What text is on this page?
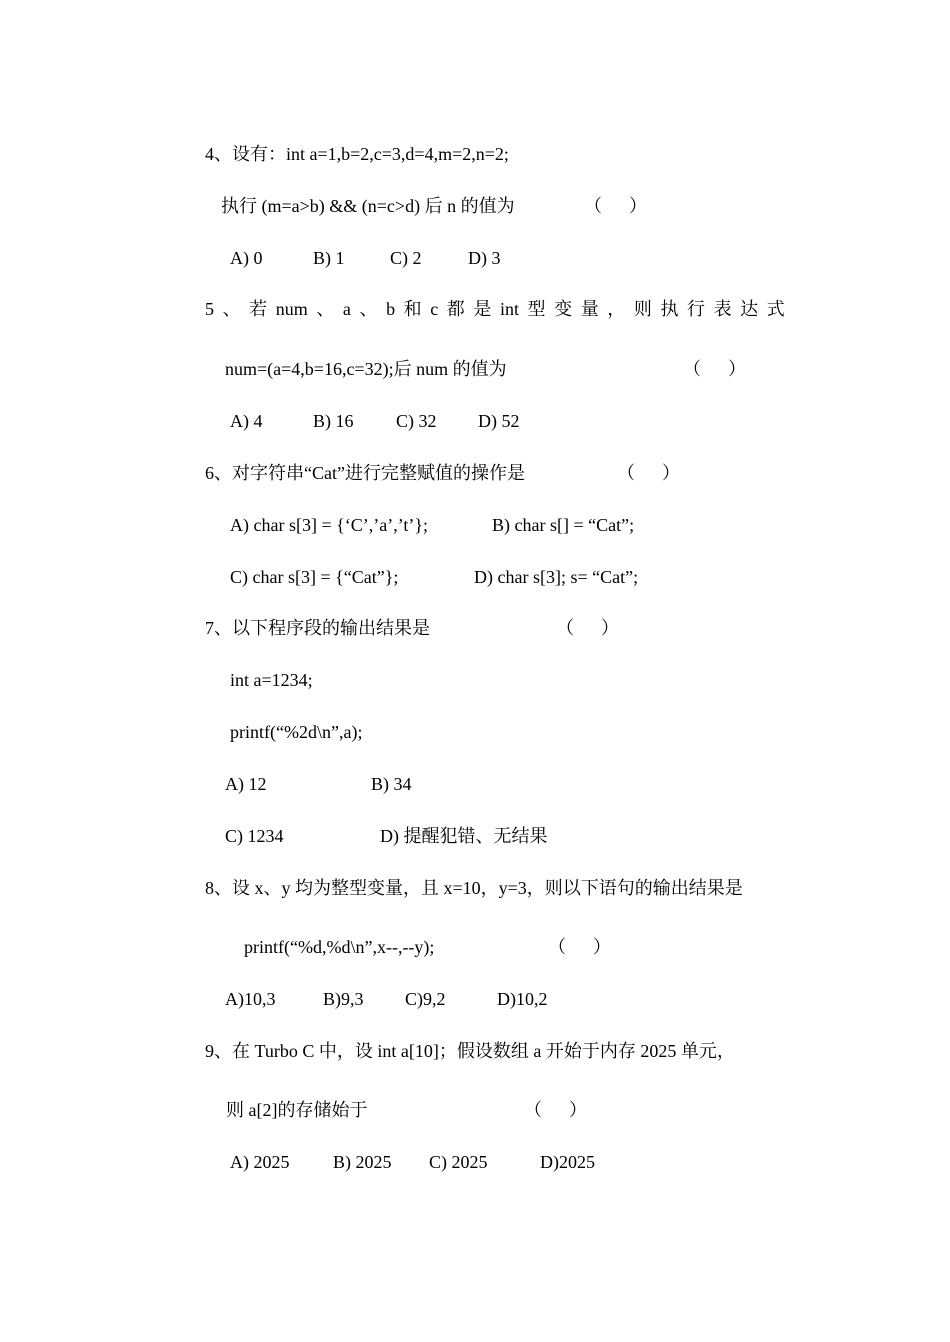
4、设有：int a=1,b=2,c=3,d=4,m=2,n=2;
执行 (m=a>b) && (n=c>d) 后 n 的值为	（      ）
A) 0	B) 1	C) 2	D) 3
5 、 若 num 、 a 、 b 和 c 都 是 int 型 变 量 ， 则 执 行 表 达 式
num=(a=4,b=16,c=32);后 num 的值为	（      ）
A) 4	B) 16 C) 32 D) 52
6、对字符串“Cat”进行完整赋值的操作是	（      ）
A) char s[3] = {‘C’,’a’,’t’};	B) char s[] = “Cat”;
C) char s[3] = {“Cat”};	D) char s[3]; s= “Cat”;
7、以下程序段的输出结果是	（      ）
int a=1234;
printf(“%2d\n”,a);
A) 12	B) 34
C) 1234	D) 提醒犯错、无结果
8、设 x、y 均为整型变量，且 x=10，y=3，则以下语句的输出结果是
printf(“%d,%d\n”,x--,--y);	（      ）
A)10,3	B)9,3 C)9,2	D)10,2
9、在 Turbo C 中，设 int a[10]；假设数组 a 开始于内存 2025 单元，
则 a[2]的存储始于	（      ）
A) 2025 B) 2025 C) 2025	D)2025
